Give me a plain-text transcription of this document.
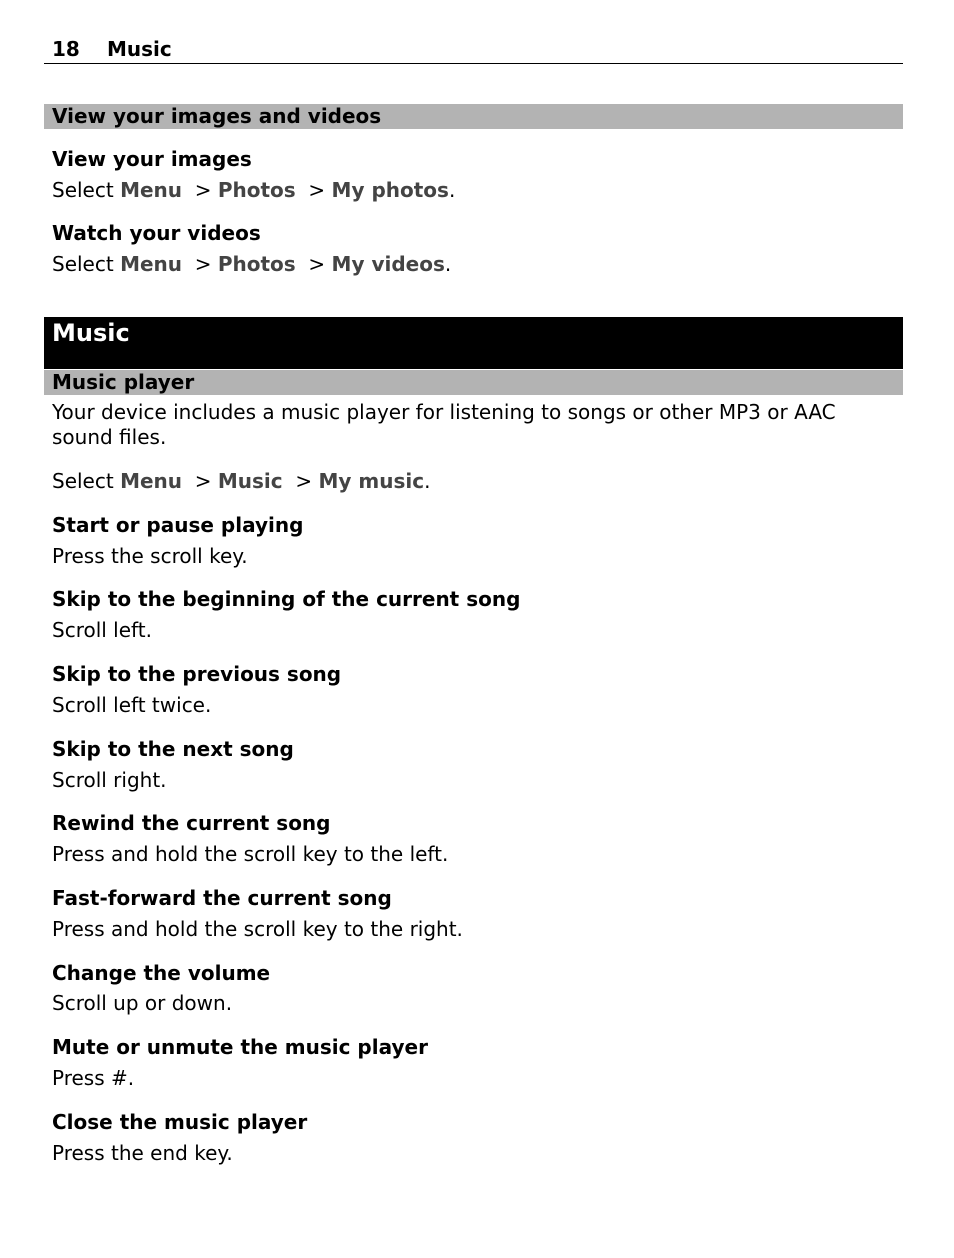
18 Music
View your images and videos
View your images
Select Menu > Photos > My photos.
Watch your videos
Select Menu > Photos > My videos.
Music
Music player
Your device includes a music player for listening to songs or other MP3 or AAC sound files.
Select Menu > Music > My music.
Start or pause playing
Press the scroll key.
Skip to the beginning of the current song
Scroll left.
Skip to the previous song
Scroll left twice.
Skip to the next song
Scroll right.
Rewind the current song
Press and hold the scroll key to the left.
Fast-forward the current song
Press and hold the scroll key to the right.
Change the volume
Scroll up or down.
Mute or unmute the music player
Press #.
Close the music player
Press the end key.
